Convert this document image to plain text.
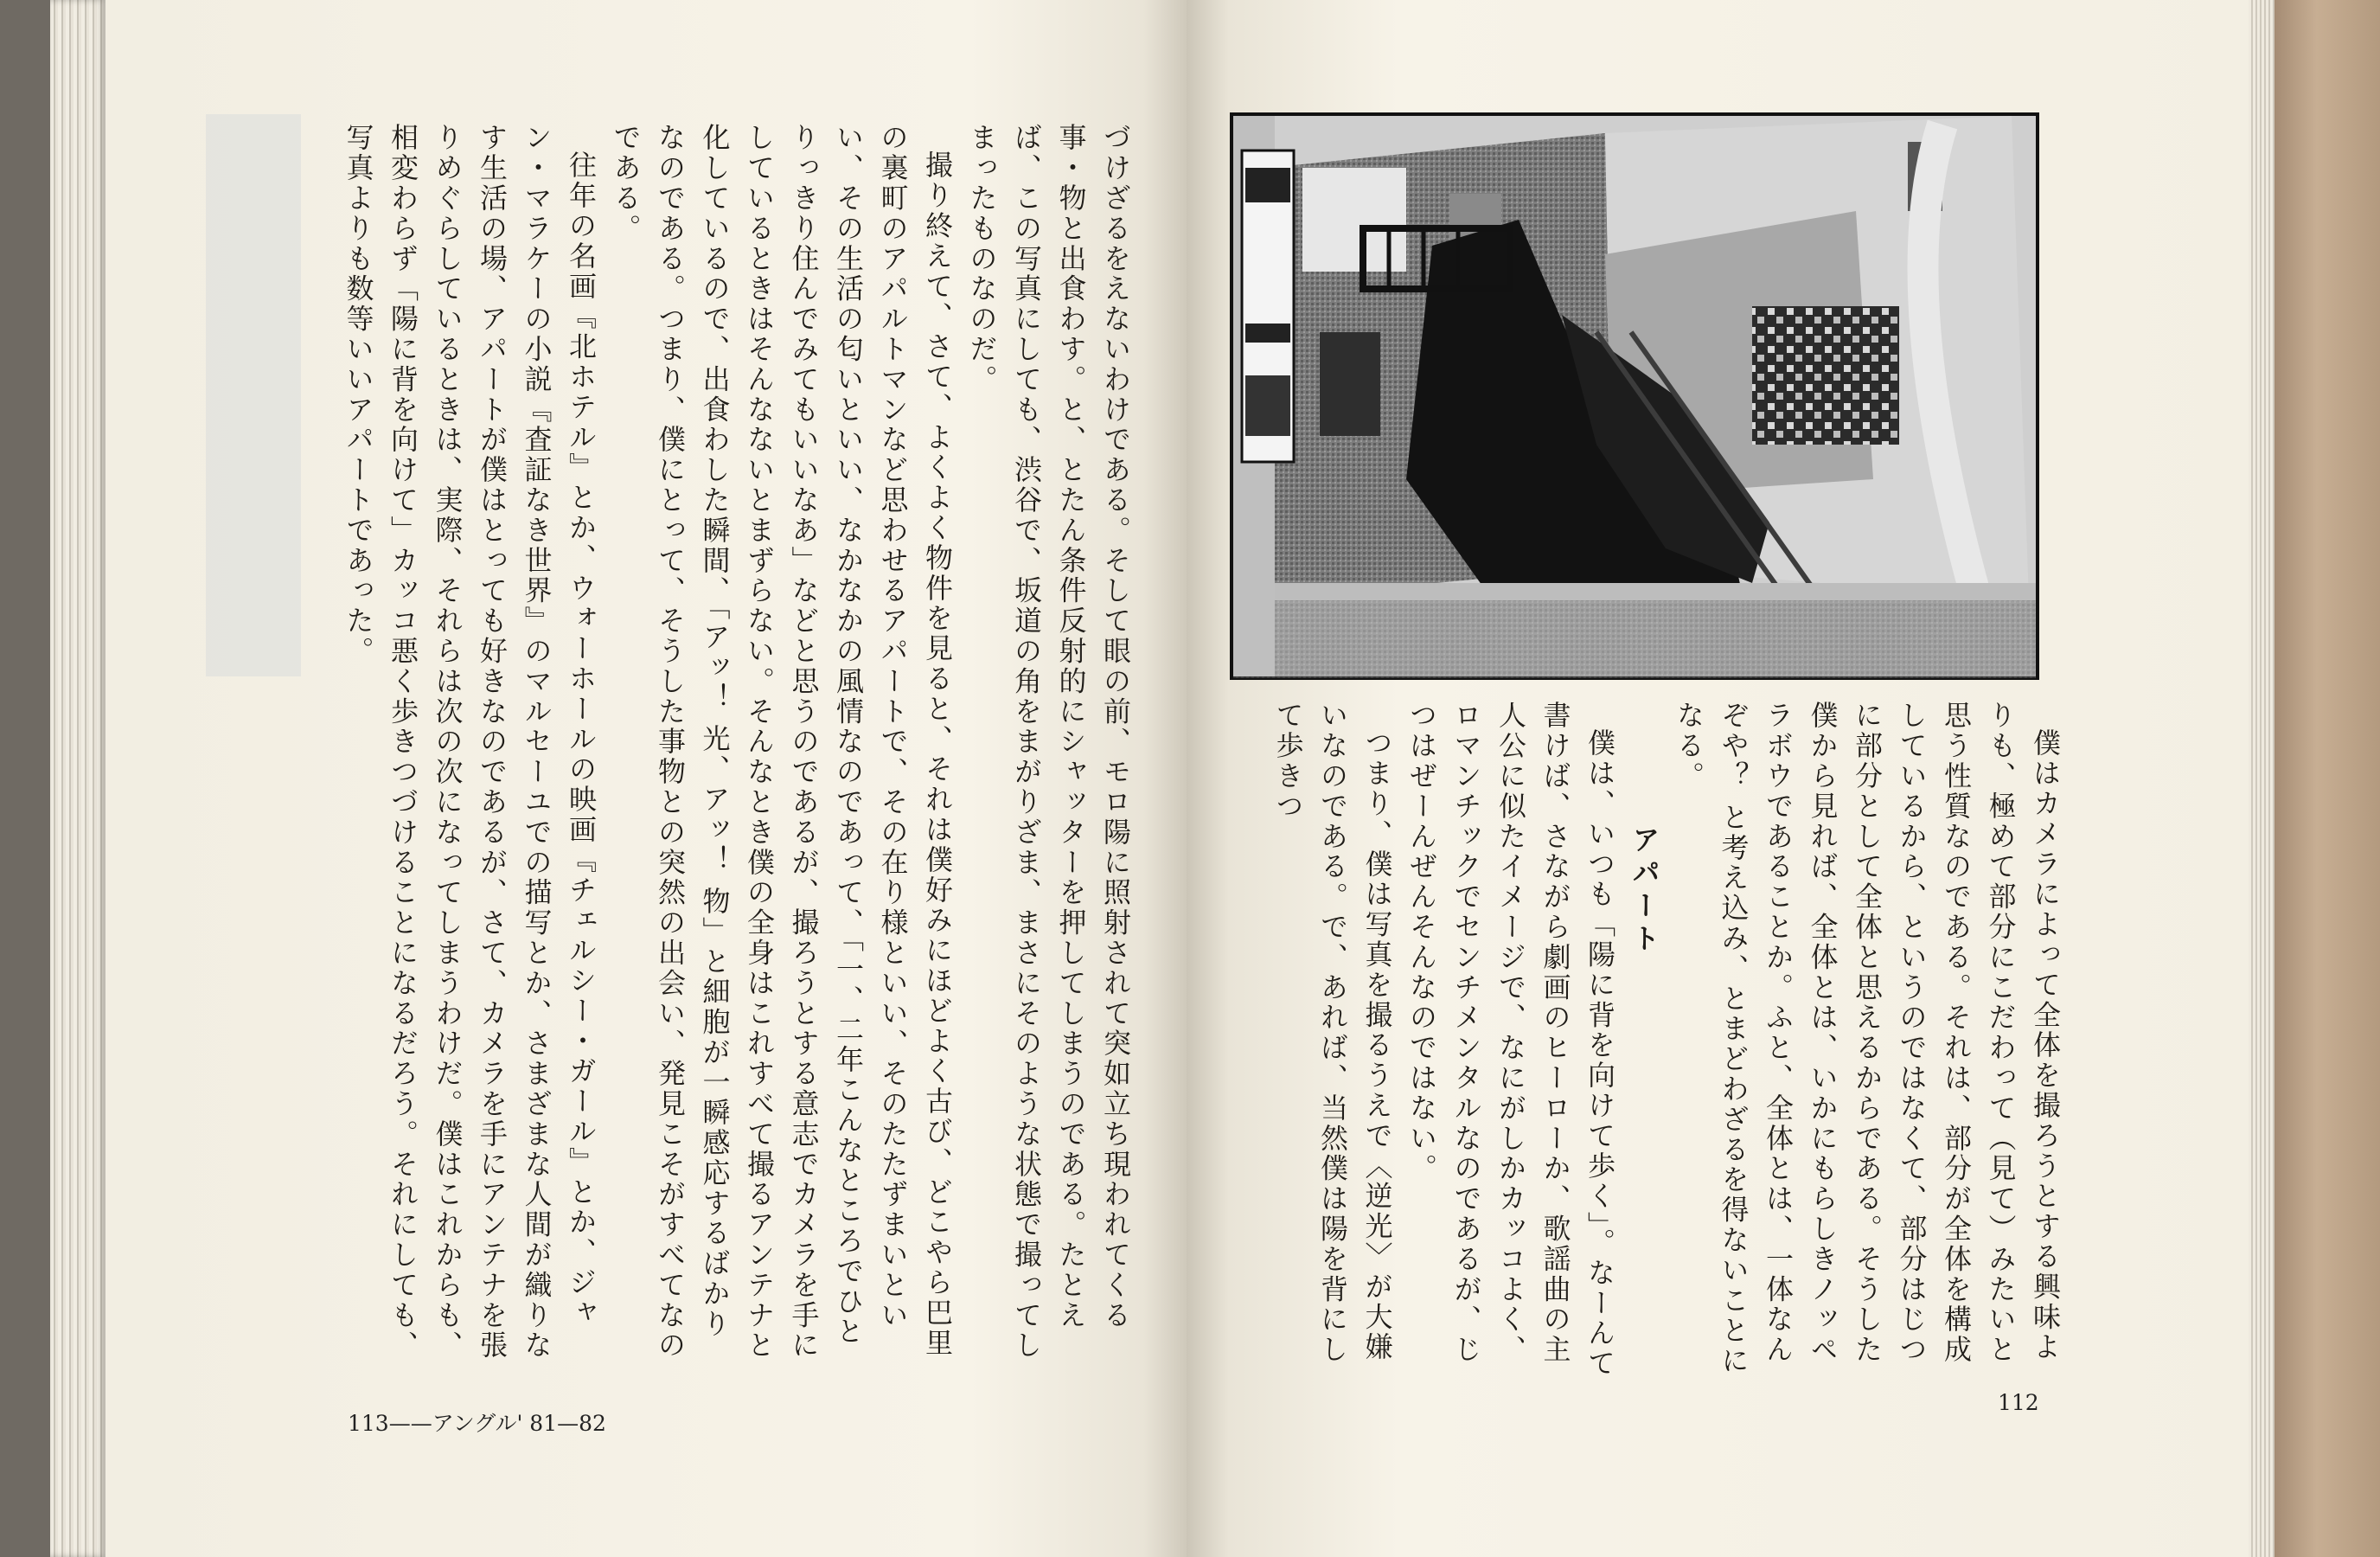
づけざるをえないわけである。そして眼の前、モロ陽に照射されて突如立ち現われてくる事・物と出食わす。と、とたん条件反射的にシャッターを押してしまうのである。たとえば、この写真にしても、渋谷で、坂道の角をまがりざま、まさにそのような状態で撮ってしまったものなのだ。

撮り終えて、さて、よくよく物件を見ると、それは僕好みにほどよく古び、どこやら巴里の裏町のアパルトマンなど思わせるアパートで、その在り様といい、そのたたずまいといい、その生活の匂いといい、なかなかの風情なのであって、「一、二年こんなところでひとりっきり住んでみてもいいなあ」などと思うのであるが、撮ろうとする意志でカメラを手にしているときはそんなないとまずらない。そんなとき僕の全身はこれすべて撮るアンテナと化しているので、出食わした瞬間、「アッ！ 光、アッ！ 物」と細胞が一瞬感応するばかりなのである。つまり、僕にとって、そうした事物との突然の出会い、発見こそがすべてなのである。

往年の名画『北ホテル』とか、ウォーホールの映画『チェルシー・ガール』とか、ジャン・マラケーの小説『査証なき世界』のマルセーユでの描写とか、さまざまな人間が織りなす生活の場、アパートが僕はとっても好きなのであるが、さて、カメラを手にアンテナを張りめぐらしているときは、実際、それらは次の次になってしまうわけだ。僕はこれからも、相変わらず「陽に背を向けて」カッコ悪く歩きつづけることになるだろう。それにしても、写真よりも数等いいアパートであった。

113——アングル' 81—82

僕はカメラによって全体を撮ろうとする興味よりも、極めて部分にこだわって（見て）みたいと思う性質なのである。それは、部分が全体を構成しているから、というのではなくて、部分はじつに部分として全体と思えるからである。そうした僕から見れば、全体とは、いかにもらしきノッペラボウであることか。ふと、全体とは、一体なんぞや？ と考え込み、とまどわざるを得ないことになる。

アパート

僕は、いつも「陽に背を向けて歩く」。なーんて書けば、さながら劇画のヒーローか、歌謡曲の主人公に似たイメージで、なにがしかカッコよく、ロマンチックでセンチメンタルなのであるが、じつはぜーんぜんそんなのではない。

つまり、僕は写真を撮るうえで〈逆光〉が大嫌いなのである。で、あれば、当然僕は陽を背にして歩きつ

112
